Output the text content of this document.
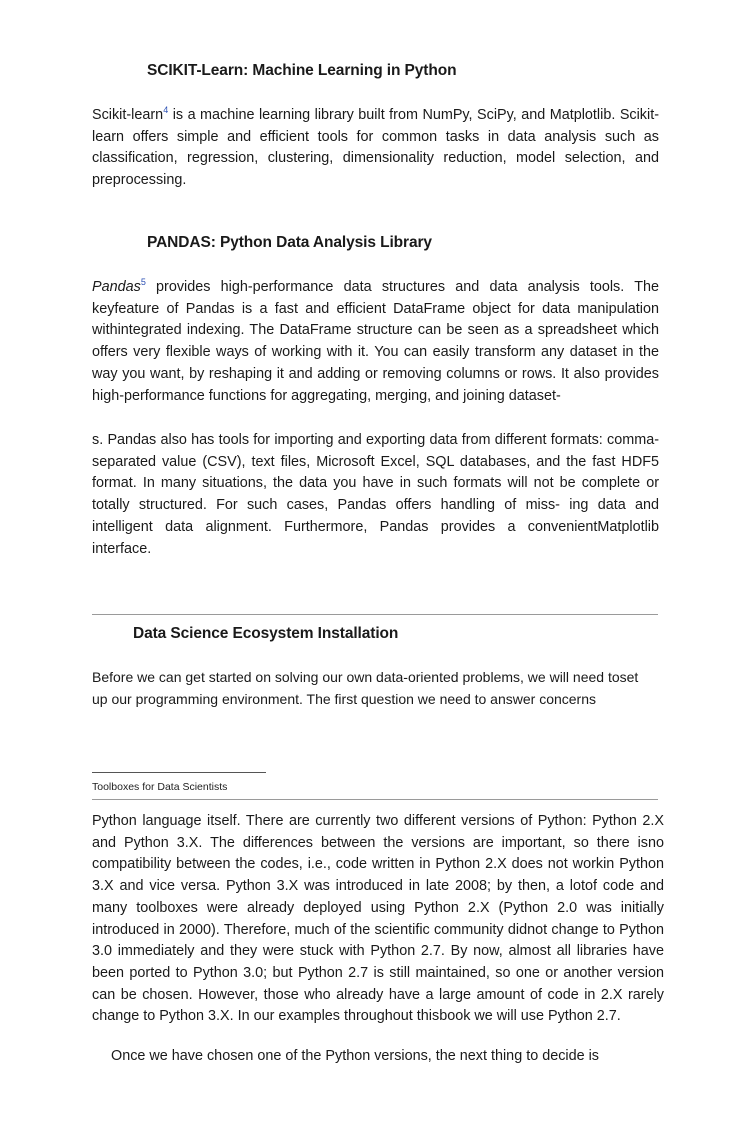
SCIKIT-Learn: Machine Learning in Python
Scikit-learn$^4$ is a machine learning library built from NumPy, SciPy, and Matplotlib. Scikit-learn offers simple and efficient tools for common tasks in data analysis such as classification, regression, clustering, dimensionality reduction, model selection, and preprocessing.
PANDAS: Python Data Analysis Library
Pandas$^5$ provides high-performance data structures and data analysis tools. The keyfeature of Pandas is a fast and efficient DataFrame object for data manipulation withintegrated indexing. The DataFrame structure can be seen as a spreadsheet which offers very flexible ways of working with it. You can easily transform any dataset in the way you want, by reshaping it and adding or removing columns or rows. It also provides high-performance functions for aggregating, merging, and joining dataset-
s. Pandas also has tools for importing and exporting data from different formats: comma-separated value (CSV), text files, Microsoft Excel, SQL databases, and the fast HDF5 format. In many situations, the data you have in such formats will not be complete or totally structured. For such cases, Pandas offers handling of miss- ing data and intelligent data alignment. Furthermore, Pandas provides a convenientMatplotlib interface.
Data Science Ecosystem Installation
Before we can get started on solving our own data-oriented problems, we will need toset up our programming environment. The first question we need to answer concerns
Toolboxes for Data Scientists
Python language itself. There are currently two different versions of Python: Python 2.X and Python 3.X. The differences between the versions are important, so there isno compatibility between the codes, i.e., code written in Python 2.X does not workin Python 3.X and vice versa. Python 3.X was introduced in late 2008; by then, a lotof code and many toolboxes were already deployed using Python 2.X (Python 2.0 was initially introduced in 2000). Therefore, much of the scientific community didnot change to Python 3.0 immediately and they were stuck with Python 2.7. By now, almost all libraries have been ported to Python 3.0; but Python 2.7 is still maintained, so one or another version can be chosen. However, those who already have a large amount of code in 2.X rarely change to Python 3.X. In our examples throughout thisbook we will use Python 2.7.
Once we have chosen one of the Python versions, the next thing to decide is
